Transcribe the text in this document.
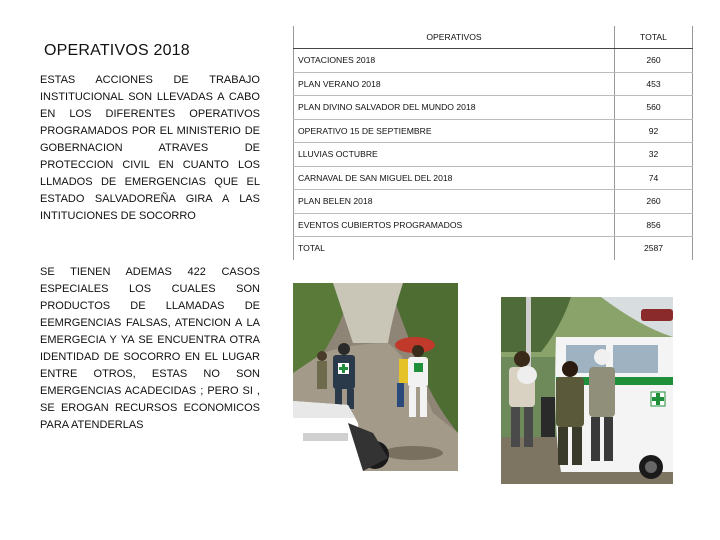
OPERATIVOS 2018

ESTAS ACCIONES DE TRABAJO INSTITUCIONAL SON LLEVADAS A CABO EN LOS DIFERENTES OPERATIVOS PROGRAMADOS POR EL MINISTERIO DE GOBERNACION ATRAVES DE PROTECCION CIVIL EN CUANTO LOS LLMADOS DE EMERGENCIAS QUE EL ESTADO SALVADOREÑA GIRA A LAS INTITUCIONES DE SOCORRO

SE TIENEN ADEMAS 422 CASOS ESPECIALES LOS CUALES SON PRODUCTOS DE LLAMADAS DE EEMRGENCIAS FALSAS, ATENCION A LA EMERGECIA Y YA SE ENCUENTRA OTRA IDENTIDAD DE SOCORRO EN EL LUGAR ENTRE OTROS, ESTAS NO SON EMERGENCIAS ACADECIDAS ; PERO SI , SE EROGAN RECURSOS ECONOMICOS PARA ATENDERLAS

OPERATIVOS	TOTAL
VOTACIONES 2018	260
PLAN VERANO 2018	453
PLAN DIVINO SALVADOR DEL MUNDO 2018	560
OPERATIVO 15 DE SEPTIEMBRE	92
LLUVIAS OCTUBRE	32
CARNAVAL DE SAN MIGUEL DEL 2018	74
PLAN BELEN 2018	260
EVENTOS CUBIERTOS PROGRAMADOS	856
TOTAL	2587
